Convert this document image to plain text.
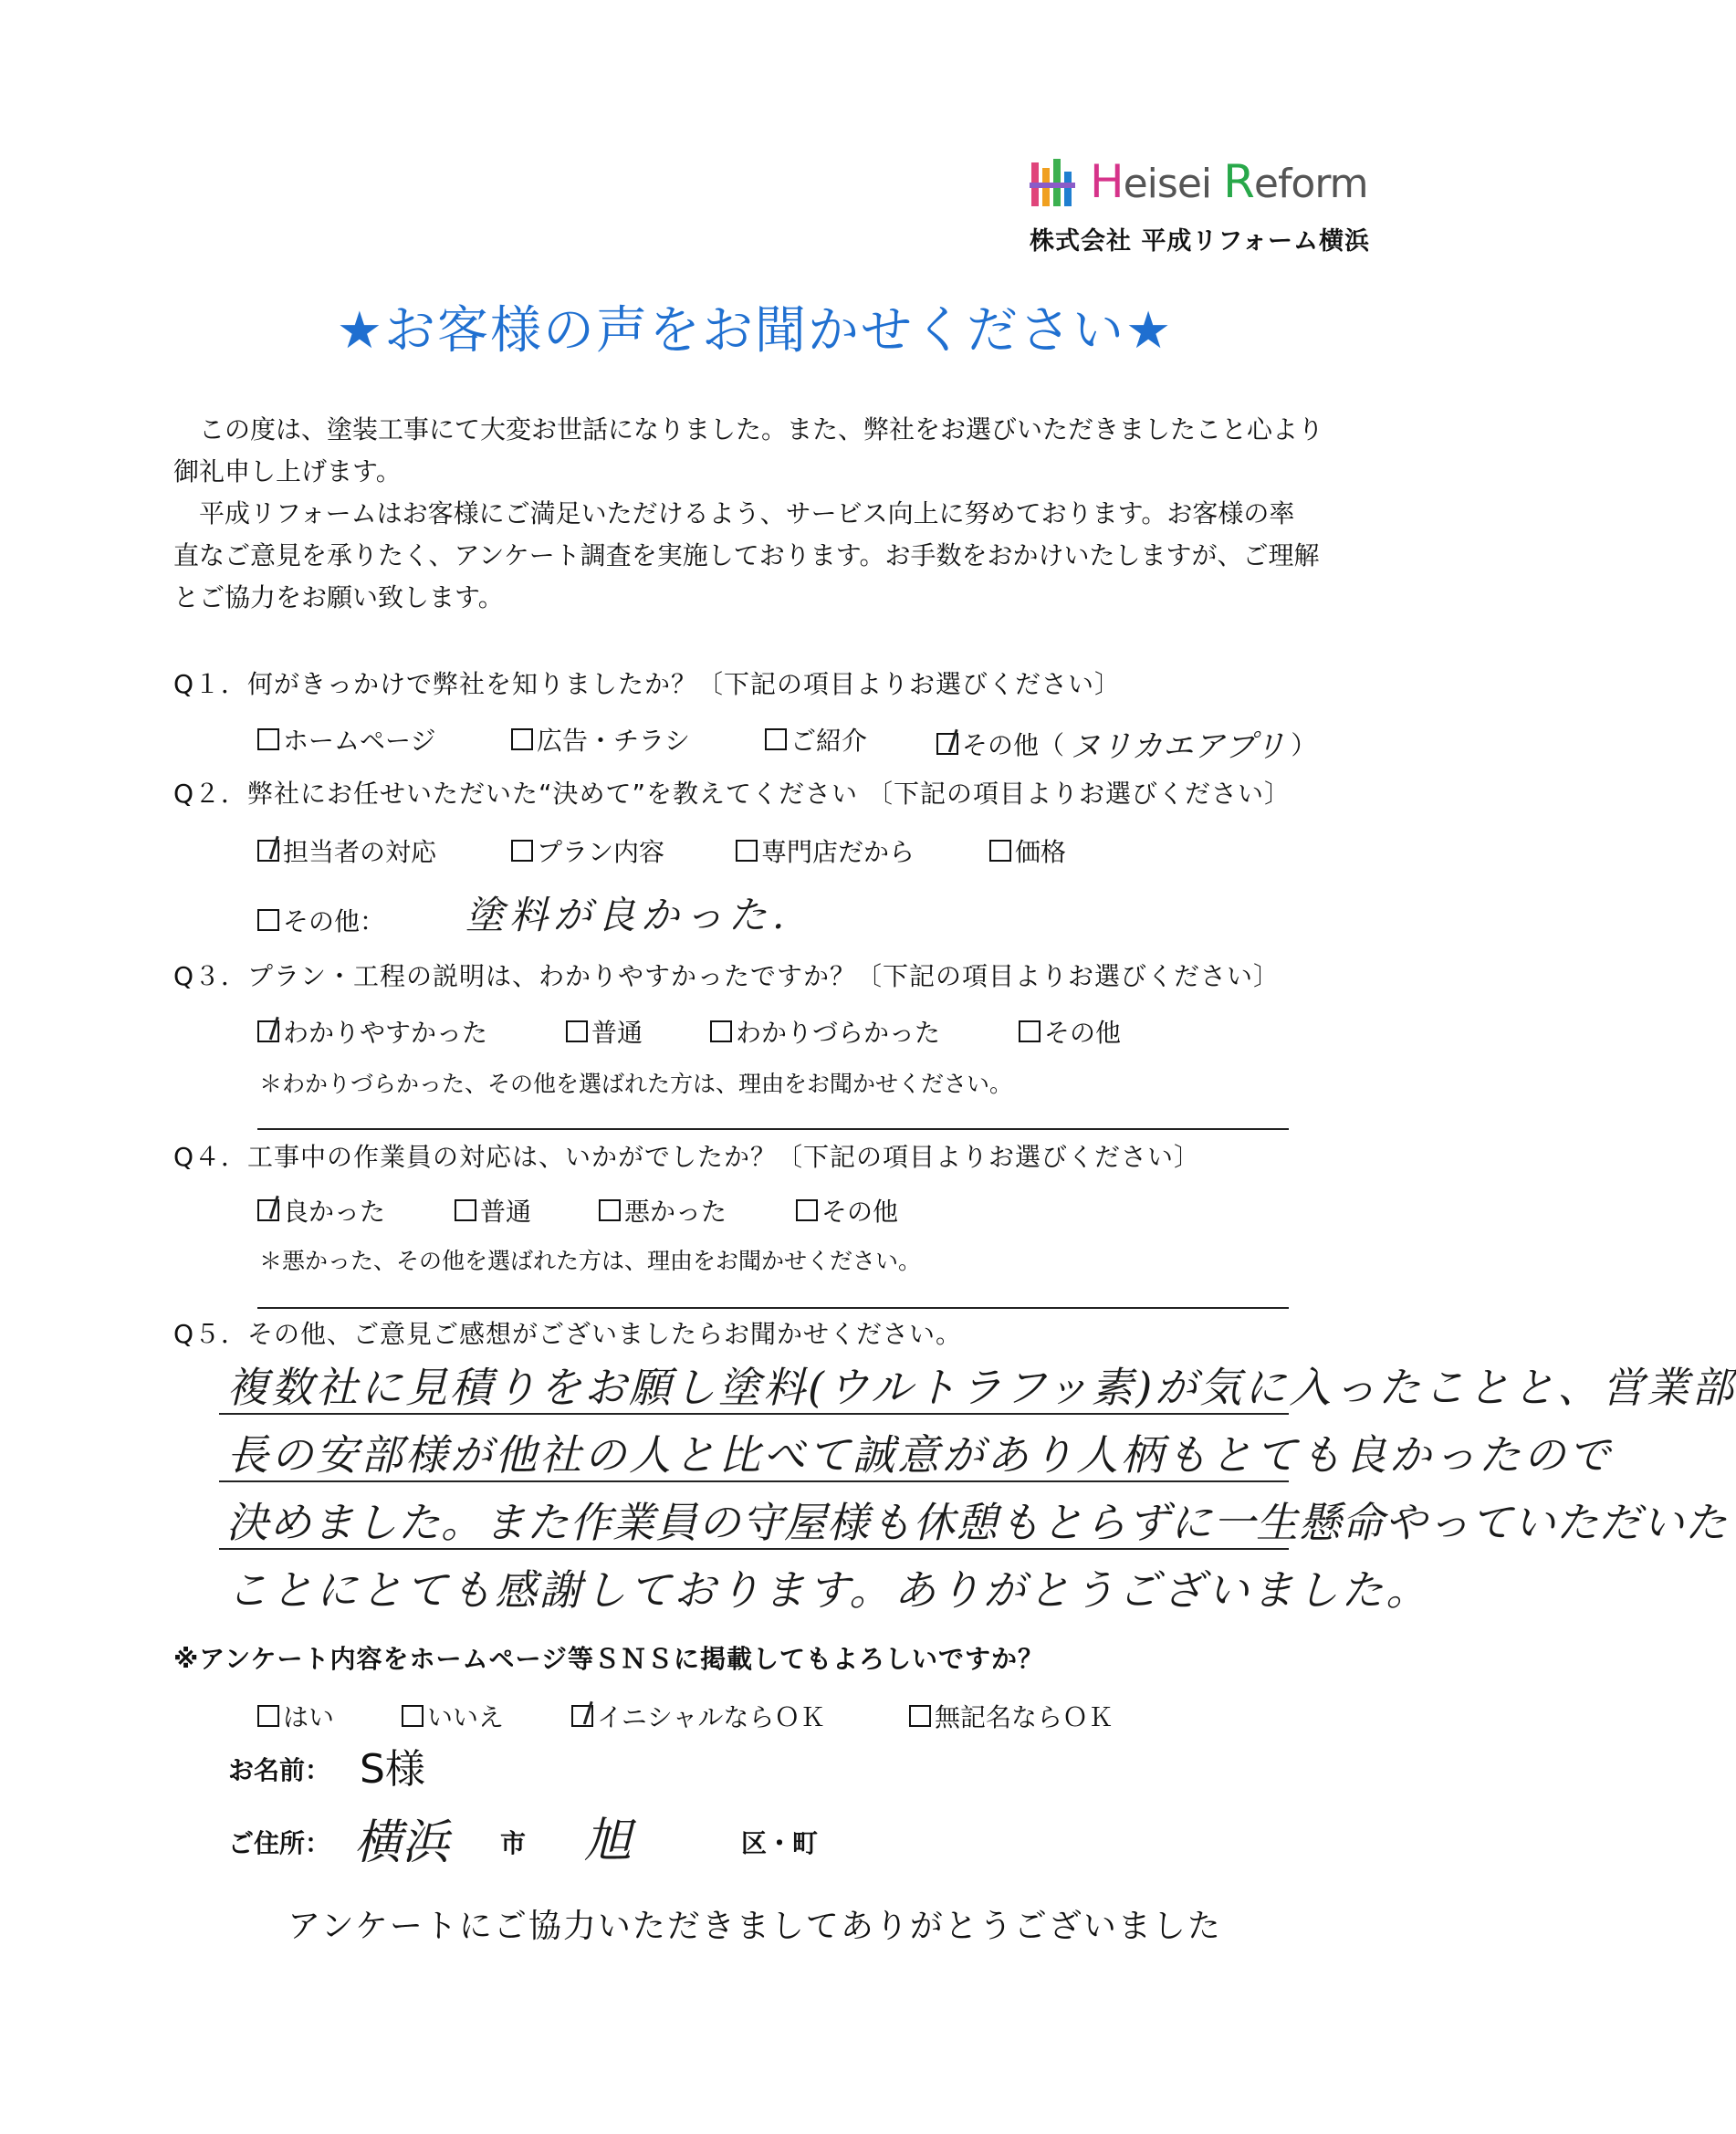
Heisei Reform
株式会社 平成リフォーム横浜
★お客様の声をお聞かせください★
この度は、塗装工事にて大変お世話になりました。また、弊社をお選びいただきましたこと心より
御礼申し上げます。
平成リフォームはお客様にご満足いただけるよう、サービス向上に努めております。お客様の率
直なご意見を承りたく、アンケート調査を実施しております。お手数をおかけいたしますが、ご理解
とご協力をお願い致します。
Q１．何がきっかけで弊社を知りましたか？〔下記の項目よりお選びください〕
ホームページ	広告・チラシ	ご紹介	その他（ ヌリカエアプリ ）
Q２．弊社にお任せいただいた“決めて”を教えてください 〔下記の項目よりお選びください〕
担当者の対応	プラン内容	専門店だから	価格
その他： 塗料が良かった.
Q３．プラン・工程の説明は、わかりやすかったですか？〔下記の項目よりお選びください〕
わかりやすかった	普通	わかりづらかった	その他
＊わかりづらかった、その他を選ばれた方は、理由をお聞かせください。
Q４．工事中の作業員の対応は、いかがでしたか？〔下記の項目よりお選びください〕
良かった	普通	悪かった	その他
＊悪かった、その他を選ばれた方は、理由をお聞かせください。
Q５．その他、ご意見ご感想がございましたらお聞かせください。
複数社に見積りをお願し塗料(ウルトラフッ素)が気に入ったことと、営業部
長の安部様が他社の人と比べて誠意があり人柄もとても良かったので
決めました。また作業員の守屋様も休憩もとらずに一生懸命やっていただいた
ことにとても感謝しております。ありがとうございました。
※アンケート内容をホームページ等ＳＮＳに掲載してもよろしいですか？
はい	いいえ	イニシャルならＯＫ	無記名ならＯＫ
お名前： S様
ご住所： 横浜 市 旭	区・町
アンケートにご協力いただきましてありがとうございました
